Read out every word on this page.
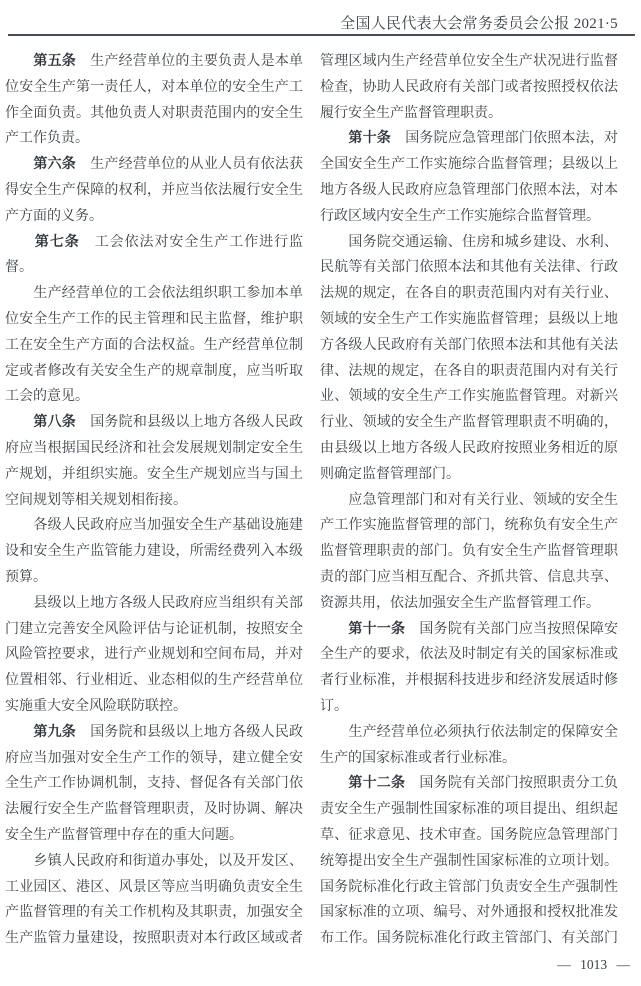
全国人民代表大会常务委员会公报 2021·5
　　第五条　生产经营单位的主要负责人是本单
位安全生产第一责任人，对本单位的安全生产工
作全面负责。其他负责人对职责范围内的安全生
产工作负责。
　　第六条　生产经营单位的从业人员有依法获
得安全生产保障的权利，并应当依法履行安全生
产方面的义务。
　　第七条　工会依法对安全生产工作进行监
督。
　　生产经营单位的工会依法组织职工参加本单
位安全生产工作的民主管理和民主监督，维护职
工在安全生产方面的合法权益。生产经营单位制
定或者修改有关安全生产的规章制度，应当听取
工会的意见。
　　第八条　国务院和县级以上地方各级人民政
府应当根据国民经济和社会发展规划制定安全生
产规划，并组织实施。安全生产规划应当与国土
空间规划等相关规划相衔接。
　　各级人民政府应当加强安全生产基础设施建
设和安全生产监管能力建设，所需经费列入本级
预算。
　　县级以上地方各级人民政府应当组织有关部
门建立完善安全风险评估与论证机制，按照安全
风险管控要求，进行产业规划和空间布局，并对
位置相邻、行业相近、业态相似的生产经营单位
实施重大安全风险联防联控。
　　第九条　国务院和县级以上地方各级人民政
府应当加强对安全生产工作的领导，建立健全安
全生产工作协调机制，支持、督促各有关部门依
法履行安全生产监督管理职责，及时协调、解决
安全生产监督管理中存在的重大问题。
　　乡镇人民政府和街道办事处，以及开发区、
工业园区、港区、风景区等应当明确负责安全生
产监督管理的有关工作机构及其职责，加强安全
生产监管力量建设，按照职责对本行政区域或者
管理区域内生产经营单位安全生产状况进行监督
检查，协助人民政府有关部门或者按照授权依法
履行安全生产监督管理职责。
　　第十条　国务院应急管理部门依照本法，对
全国安全生产工作实施综合监督管理；县级以上
地方各级人民政府应急管理部门依照本法，对本
行政区域内安全生产工作实施综合监督管理。
　　国务院交通运输、住房和城乡建设、水利、
民航等有关部门依照本法和其他有关法律、行政
法规的规定，在各自的职责范围内对有关行业、
领域的安全生产工作实施监督管理；县级以上地
方各级人民政府有关部门依照本法和其他有关法
律、法规的规定，在各自的职责范围内对有关行
业、领域的安全生产工作实施监督管理。对新兴
行业、领域的安全生产监督管理职责不明确的，
由县级以上地方各级人民政府按照业务相近的原
则确定监督管理部门。
　　应急管理部门和对有关行业、领域的安全生
产工作实施监督管理的部门，统称负有安全生产
监督管理职责的部门。负有安全生产监督管理职
责的部门应当相互配合、齐抓共管、信息共享、
资源共用，依法加强安全生产监督管理工作。
　　第十一条　国务院有关部门应当按照保障安
全生产的要求，依法及时制定有关的国家标准或
者行业标准，并根据科技进步和经济发展适时修
订。
　　生产经营单位必须执行依法制定的保障安全
生产的国家标准或者行业标准。
　　第十二条　国务院有关部门按照职责分工负
责安全生产强制性国家标准的项目提出、组织起
草、征求意见、技术审查。国务院应急管理部门
统筹提出安全生产强制性国家标准的立项计划。
国务院标准化行政主管部门负责安全生产强制性
国家标准的立项、编号、对外通报和授权批准发
布工作。国务院标准化行政主管部门、有关部门
— 1013 —
